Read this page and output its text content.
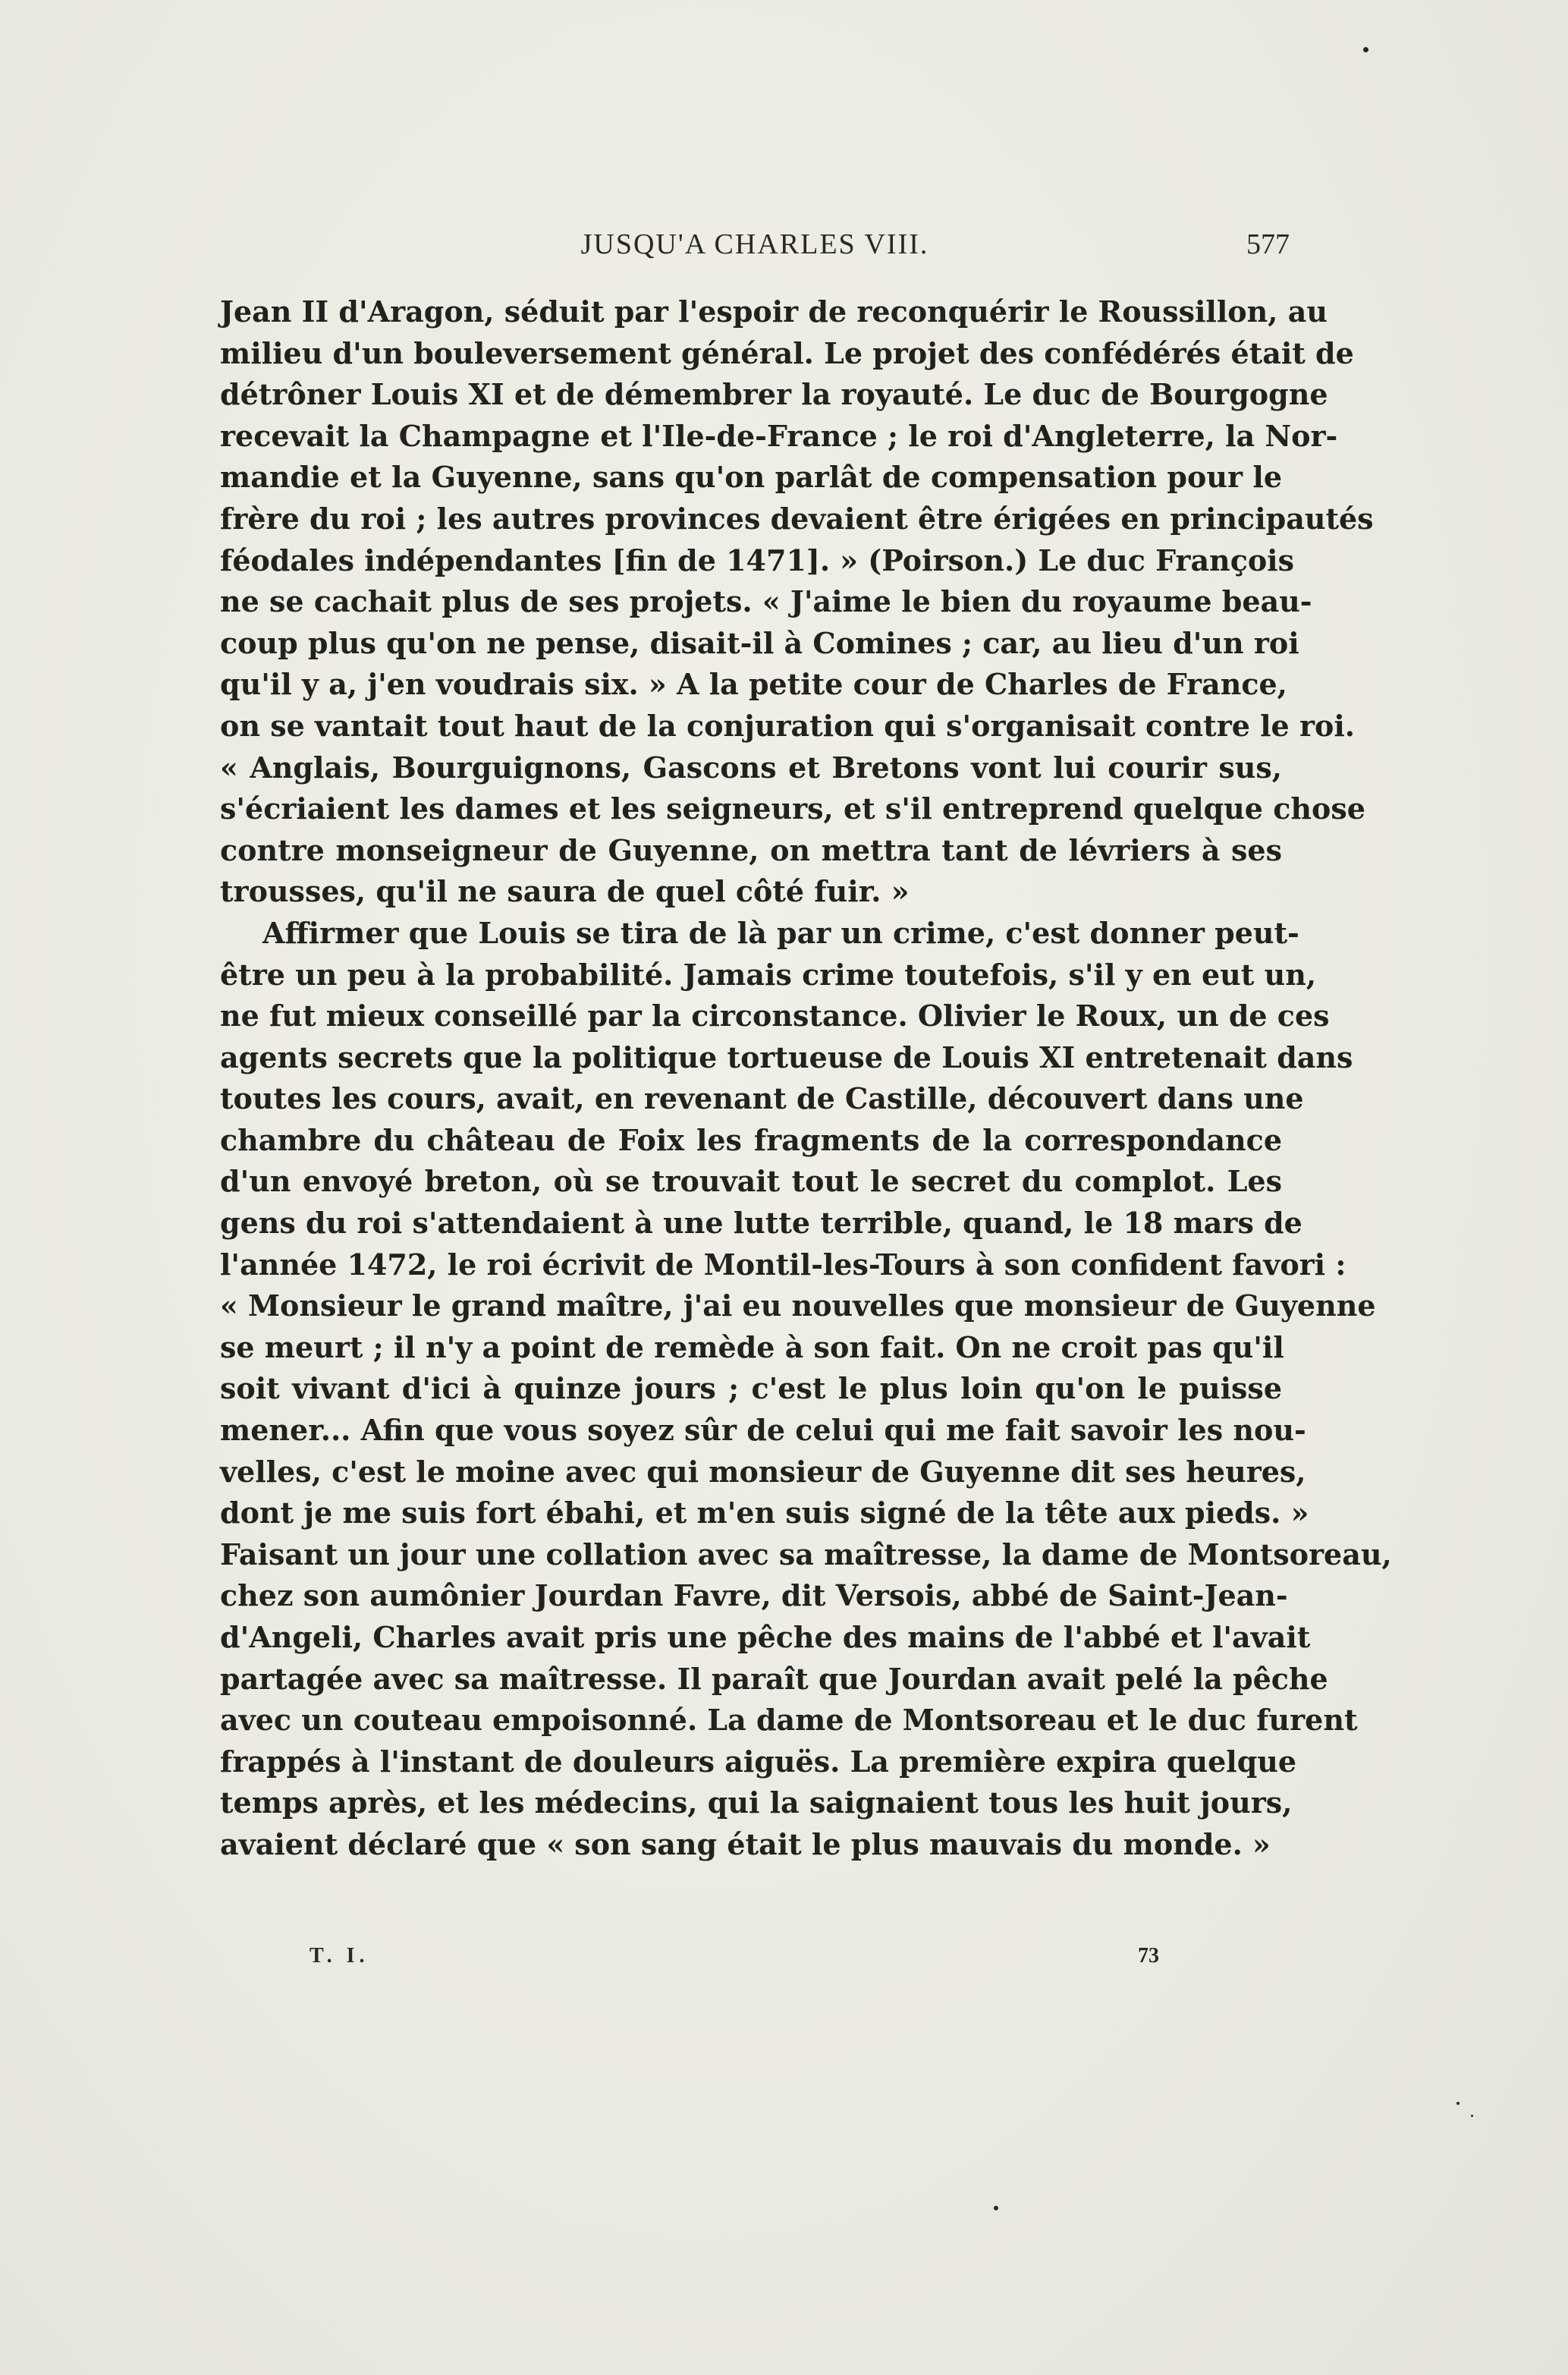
JUSQU'A CHARLES VIII.	577

Jean II d'Aragon, séduit par l'espoir de reconquérir le Roussillon, au
milieu d'un bouleversement général. Le projet des confédérés était de
détrôner Louis XI et de démembrer la royauté. Le duc de Bourgogne
recevait la Champagne et l'Ile-de-France ; le roi d'Angleterre, la Nor-
mandie et la Guyenne, sans qu'on parlât de compensation pour le
frère du roi ; les autres provinces devaient être érigées en principautés
féodales indépendantes [fin de 1471]. » (Poirson.) Le duc François
ne se cachait plus de ses projets. « J'aime le bien du royaume beau-
coup plus qu'on ne pense, disait-il à Comines ; car, au lieu d'un roi
qu'il y a, j'en voudrais six. » A la petite cour de Charles de France,
on se vantait tout haut de la conjuration qui s'organisait contre le roi.
« Anglais, Bourguignons, Gascons et Bretons vont lui courir sus,
s'écriaient les dames et les seigneurs, et s'il entreprend quelque chose
contre monseigneur de Guyenne, on mettra tant de lévriers à ses
trousses, qu'il ne saura de quel côté fuir. »

Affirmer que Louis se tira de là par un crime, c'est donner peut-
être un peu à la probabilité. Jamais crime toutefois, s'il y en eut un,
ne fut mieux conseillé par la circonstance. Olivier le Roux, un de ces
agents secrets que la politique tortueuse de Louis XI entretenait dans
toutes les cours, avait, en revenant de Castille, découvert dans une
chambre du château de Foix les fragments de la correspondance
d'un envoyé breton, où se trouvait tout le secret du complot. Les
gens du roi s'attendaient à une lutte terrible, quand, le 18 mars de
l'année 1472, le roi écrivit de Montil-les-Tours à son confident favori :
« Monsieur le grand maître, j'ai eu nouvelles que monsieur de Guyenne
se meurt ; il n'y a point de remède à son fait. On ne croit pas qu'il
soit vivant d'ici à quinze jours ; c'est le plus loin qu'on le puisse
mener... Afin que vous soyez sûr de celui qui me fait savoir les nou-
velles, c'est le moine avec qui monsieur de Guyenne dit ses heures,
dont je me suis fort ébahi, et m'en suis signé de la tête aux pieds. »
Faisant un jour une collation avec sa maîtresse, la dame de Montsoreau,
chez son aumônier Jourdan Favre, dit Versois, abbé de Saint-Jean-
d'Angeli, Charles avait pris une pêche des mains de l'abbé et l'avait
partagée avec sa maîtresse. Il paraît que Jourdan avait pelé la pêche
avec un couteau empoisonné. La dame de Montsoreau et le duc furent
frappés à l'instant de douleurs aiguës. La première expira quelque
temps après, et les médecins, qui la saignaient tous les huit jours,
avaient déclaré que « son sang était le plus mauvais du monde. »

T. I.	73
